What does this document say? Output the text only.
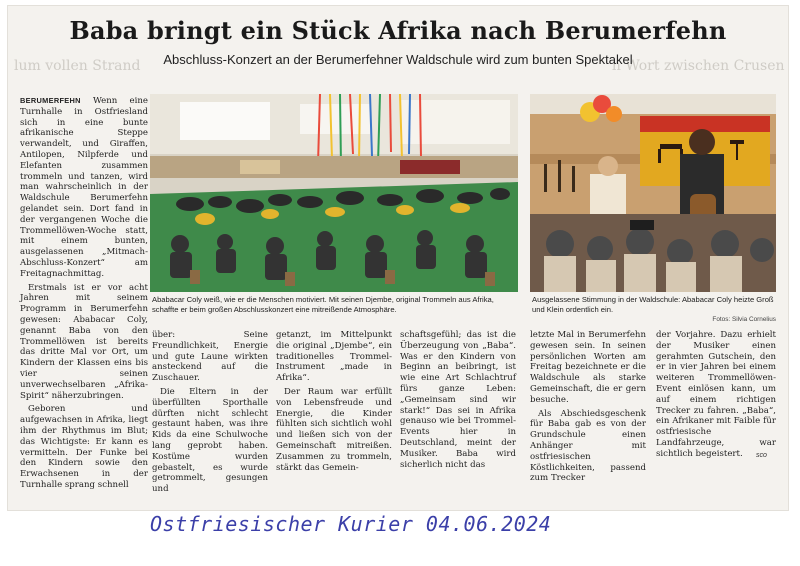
lum vollen Strand	'n Wort zwischen Crusen
Baba bringt ein Stück Afrika nach Berumerfehn
Abschluss-Konzert an der Berumerfehner Waldschule wird zum bunten Spektakel

BERUMERFEHN Wenn eine Turnhalle in Ostfriesland sich in eine bunte afrikanische Steppe verwandelt, und Giraffen, Antilopen, Nilpferde und Elefanten zusammen trommeln und tanzen, wird man wahrscheinlich in der Waldschule Berumerfehn gelandet sein. Dort fand in der vergangenen Woche die Trommellöwen-Woche statt, mit einem bunten, ausgelassenen „Mitmach-Abschluss-Konzert“ am Freitagnachmittag.

Erstmals ist er vor acht Jahren mit seinem Programm in Berumerfehn gewesen: Ababacar Coly, genannt Baba von den Trommellöwen ist bereits das dritte Mal vor Ort, um Kindern der Klassen eins bis vier seinen unverwechselbaren „Afrika-Spirit“ näherzubringen.

Geboren und aufgewachsen in Afrika, liegt ihm der Rhythmus im Blut; das Wichtigste: Er kann es vermitteln. Der Funke bei den Kindern sowie den Erwachsenen in der Turnhalle sprang schnell

Ababacar Coly weiß, wie er die Menschen motiviert. Mit seinen Djembe, original Trommeln aus Afrika, schaffte er beim großen Abschlusskonzert eine mitreißende Atmosphäre.
Ausgelassene Stimmung in der Waldschule: Ababacar Coly heizte Groß und Klein ordentlich ein.
Fotos: Silvia Cornelius

über: Seine Freundlichkeit, Energie und gute Laune wirkten ansteckend auf die Zuschauer.

Die Eltern in der überfüllten Sporthalle dürften nicht schlecht gestaunt haben, was ihre Kids da eine Schulwoche lang geprobt haben. Kostüme wurden gebastelt, es wurde getrommelt, gesungen und

getanzt, im Mittelpunkt die original „Djembe“, ein traditionelles Trommel-Instrument „made in Afrika“.

Der Raum war erfüllt von Lebensfreude und Energie, die Kinder fühlten sich sichtlich wohl und ließen sich von der Gemeinschaft mitreißen. Zusammen zu trommeln, stärkt das Gemein-

schaftsgefühl; das ist die Überzeugung von „Baba“. Was er den Kindern von Beginn an beibringt, ist wie eine Art Schlachtruf fürs ganze Leben: „Gemeinsam sind wir stark!“ Das sei in Afrika genauso wie bei Trommel-Events hier in Deutschland, meint der Musiker. Baba wird sicherlich nicht das

letzte Mal in Berumerfehn gewesen sein. In seinen persönlichen Worten am Freitag bezeichnete er die Waldschule als starke Gemeinschaft, die er gern besuche.

Als Abschiedsgeschenk für Baba gab es von der Grundschule einen Anhänger mit ostfriesischen Köstlichkeiten, passend zum Trecker

der Vorjahre. Dazu erhielt der Musiker einen gerahmten Gutschein, den er in vier Jahren bei einem weiteren Trommellöwen-Event einlösen kann, um auf einem richtigen Trecker zu fahren. „Baba“, ein Afrikaner mit Faible für ostfriesische Landfahrzeuge, war sichtlich begeistert.	sco
Ostfriesischer Kurier 04.06.2024
